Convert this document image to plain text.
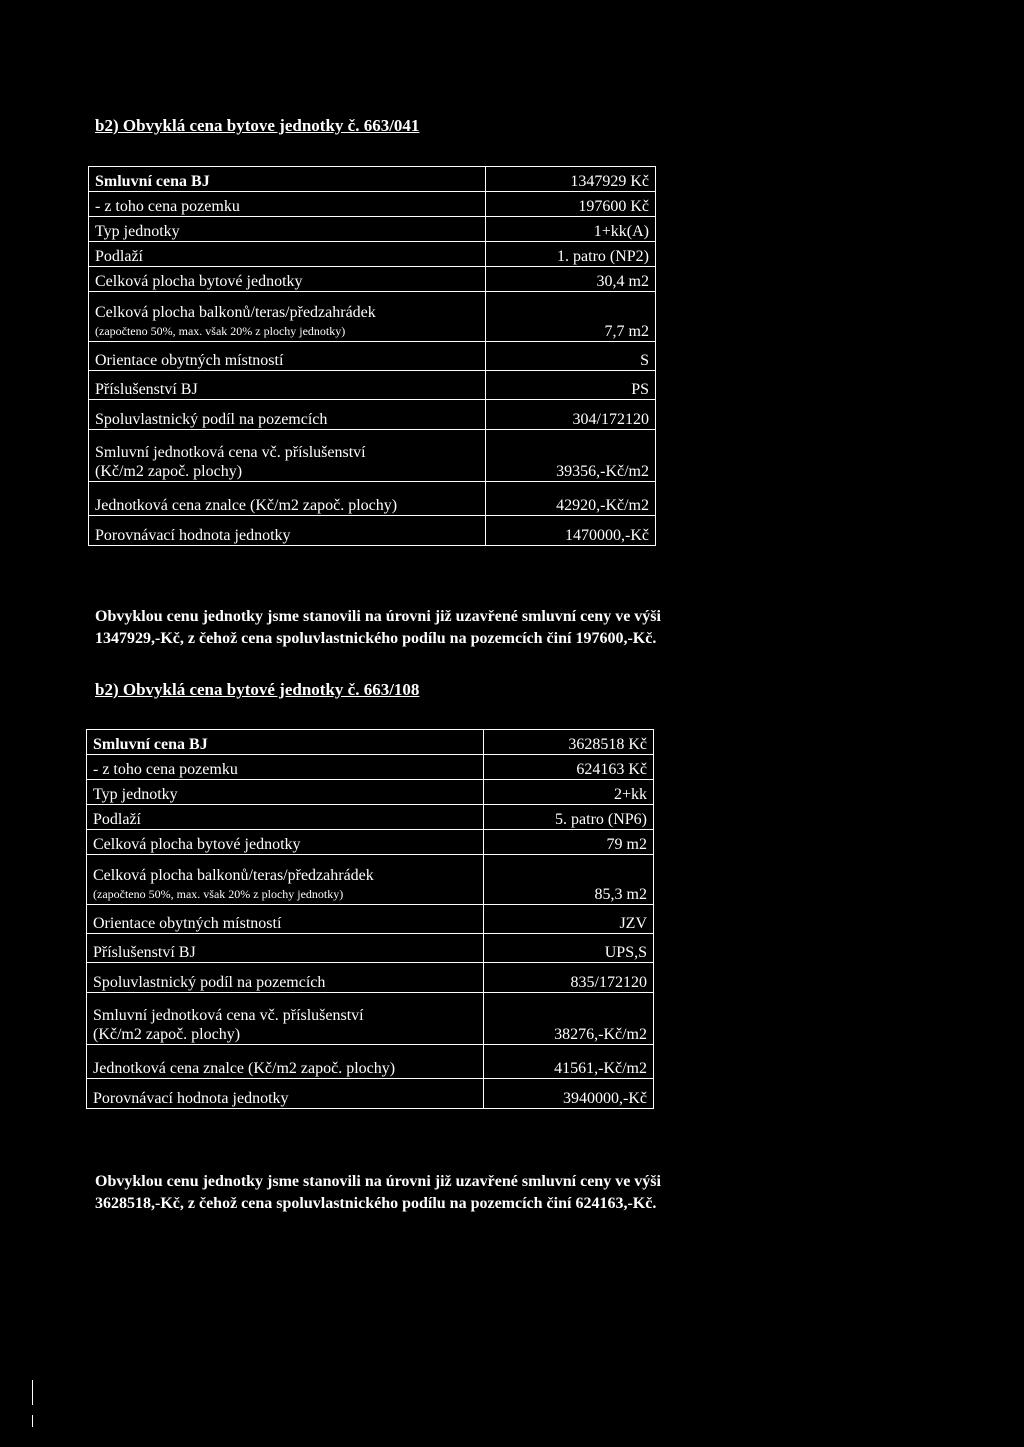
b2) Obvyklá cena bytove jednotky č. 663/041
Smluvní cena BJ	1347929 Kč
- z toho cena pozemku	197600 Kč
Typ jednotky	1+kk(A)
Podlaží	1. patro (NP2)
Celková plocha bytové jednotky	30,4 m2

Celková plocha balkonů/teras/předzahrádek
(započteno 50%, max. však 20% z plochy jednotky)	7,7 m2
Orientace obytných místností	S
Příslušenství BJ	PS
Spoluvlastnický podíl na pozemcích	304/172120

Smluvní jednotková cena vč. příslušenství
(Kč/m2 započ. plochy)	39356,-Kč/m2
Jednotková cena znalce (Kč/m2 započ. plochy)	42920,-Kč/m2
Porovnávací hodnota jednotky	1470000,-Kč
Obvyklou cenu jednotky jsme stanovili na úrovni již uzavřené smluvní ceny ve výši
1347929,-Kč, z čehož cena spoluvlastnického podílu na pozemcích činí 197600,-Kč.
b2) Obvyklá cena bytové jednotky č. 663/108
Smluvní cena BJ	3628518 Kč
- z toho cena pozemku	624163 Kč
Typ jednotky	2+kk
Podlaží	5. patro (NP6)
Celková plocha bytové jednotky	79 m2

Celková plocha balkonů/teras/předzahrádek
(započteno 50%, max. však 20% z plochy jednotky)	85,3 m2
Orientace obytných místností	JZV
Příslušenství BJ	UPS,S
Spoluvlastnický podíl na pozemcích	835/172120

Smluvní jednotková cena vč. příslušenství
(Kč/m2 započ. plochy)	38276,-Kč/m2
Jednotková cena znalce (Kč/m2 započ. plochy)	41561,-Kč/m2
Porovnávací hodnota jednotky	3940000,-Kč
Obvyklou cenu jednotky jsme stanovili na úrovni již uzavřené smluvní ceny ve výši
3628518,-Kč, z čehož cena spoluvlastnického podílu na pozemcích činí 624163,-Kč.
